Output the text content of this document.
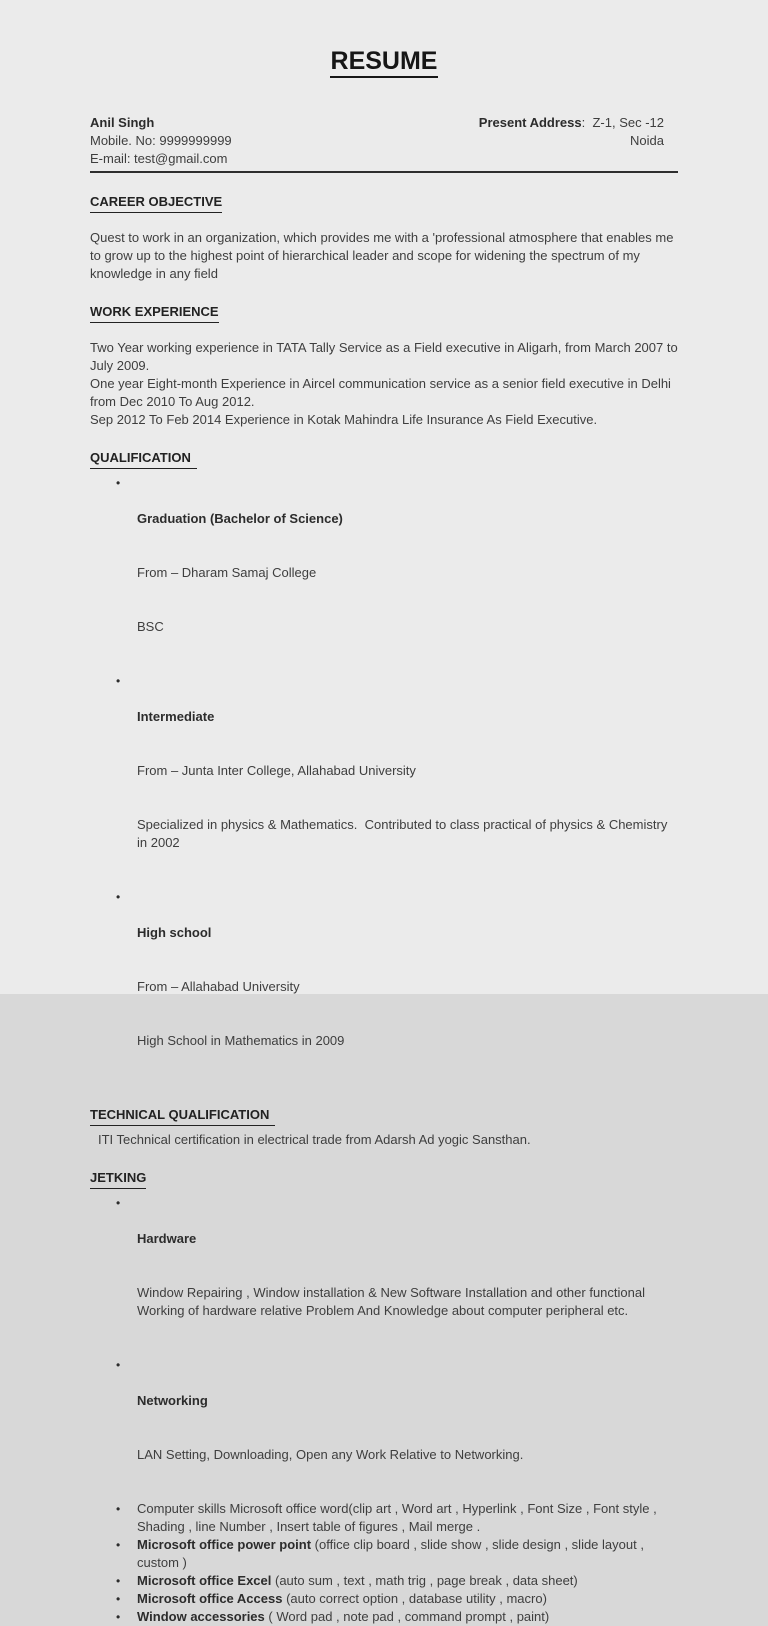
RESUME
Anil Singh
Mobile. No: 9999999999
E-mail: test@gmail.com
Present Address:  Z-1, Sec -12
Noida
CAREER OBJECTIVE

Quest to work in an organization, which provides me with a 'professional atmosphere that enables me to grow up to the highest point of hierarchical leader and scope for widening the spectrum of my knowledge in any field

WORK EXPERIENCE

Two Year working experience in TATA Tally Service as a Field executive in Aligarh, from March 2007 to July 2009.

One year Eight-month Experience in Aircel communication service as a senior field executive in Delhi from Dec 2010 To Aug 2012.

Sep 2012 To Feb 2014 Experience in Kotak Mahindra Life Insurance As Field Executive.

QUALIFICATION
•

Graduation (Bachelor of Science)

From – Dharam Samaj College

BSC

•

Intermediate

From – Junta Inter College, Allahabad University

Specialized in physics & Mathematics.  Contributed to class practical of physics & Chemistry in 2002

•

High school

From – Allahabad University

High School in Mathematics in 2009

TECHNICAL QUALIFICATION

ITI Technical certification in electrical trade from Adarsh Ad yogic Sansthan.

JETKING
•

Hardware

Window Repairing , Window installation & New Software Installation and other functional Working of hardware relative Problem And Knowledge about computer peripheral etc.

•

Networking

LAN Setting, Downloading, Open any Work Relative to Networking.

•	Computer skills Microsoft office word(clip art , Word art , Hyperlink , Font Size , Font style , Shading , line Number , Insert table of figures , Mail merge .
•	Microsoft office power point (office clip board , slide show , slide design , slide layout , custom )
•	Microsoft office Excel (auto sum , text , math trig , page break , data sheet)
•	Microsoft office Access (auto correct option , database utility , macro)
•	Window accessories ( Word pad , note pad , command prompt , paint)
